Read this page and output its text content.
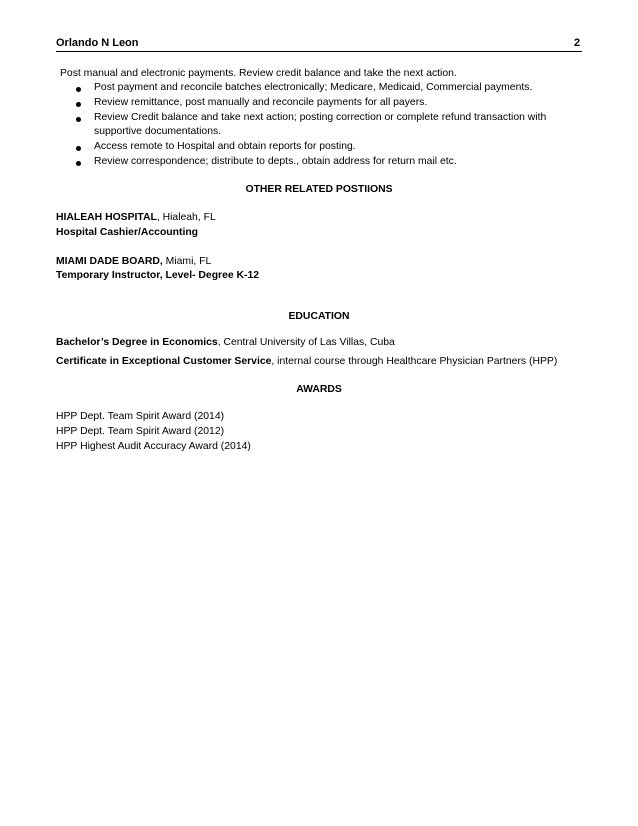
Orlando N Leon	2
Post manual and electronic payments. Review credit balance and take the next action.
Post payment and reconcile batches electronically; Medicare, Medicaid, Commercial payments.
Review remittance, post manually and reconcile payments for all payers.
Review Credit balance and take next action; posting correction or complete refund transaction with
supportive documentations.
Access remote to Hospital and obtain reports for posting.
Review correspondence; distribute to depts., obtain address for return mail etc.
OTHER RELATED POSTIIONS
HIALEAH HOSPITAL, Hialeah, FL
Hospital Cashier/Accounting
MIAMI DADE BOARD, Miami, FL
Temporary Instructor, Level- Degree K-12
EDUCATION
Bachelor’s Degree in Economics, Central University of Las Villas, Cuba
Certificate in Exceptional Customer Service, internal course through Healthcare Physician Partners (HPP)
AWARDS
HPP Dept. Team Spirit Award (2014)
HPP Dept. Team Spirit Award (2012)
HPP Highest Audit Accuracy Award (2014)
